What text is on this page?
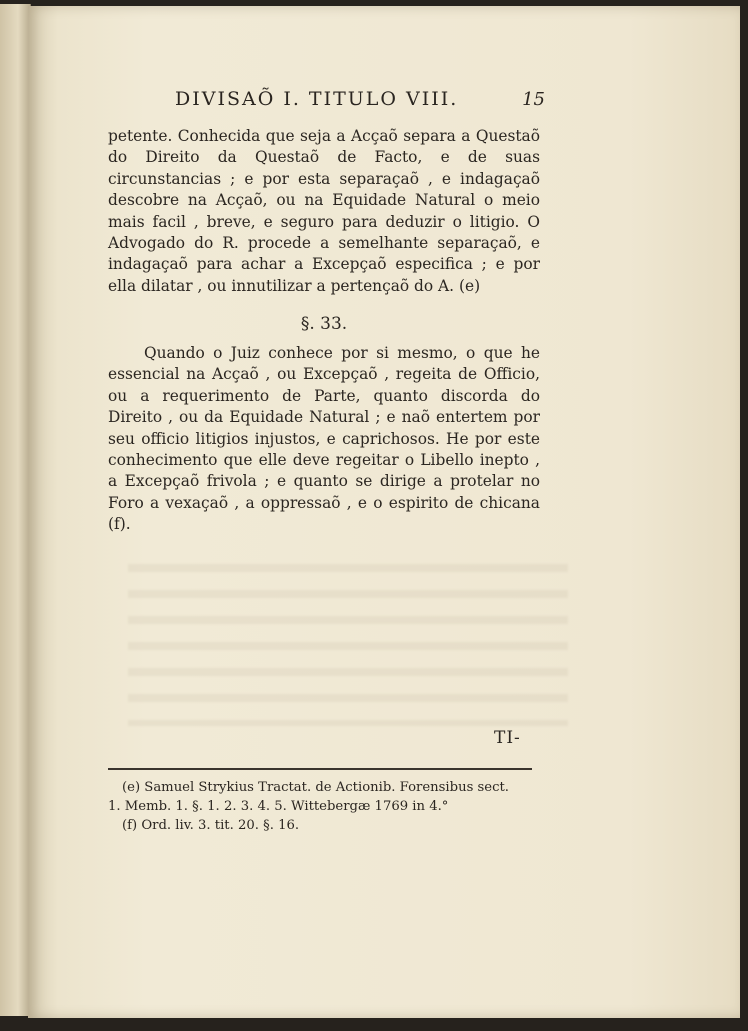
DIVISAÕ I. TITULO VIII.	15

petente. Conhecida que seja a Acçaõ separa a Questaõ do Direito da Questaõ de Facto, e de suas circunstancias ; e por esta separaçaõ , e indagaçaõ descobre na Acçaõ, ou na Equidade Natural o meio mais facil , breve, e seguro para deduzir o litigio. O Advogado do R. procede a semelhante separaçaõ, e indagaçaõ para achar a Excepçaõ especifica ; e por ella dilatar , ou innutilizar a pertençaõ do A. (e)

§. 33.

Quando o Juiz conhece por si mesmo, o que he essencial na Acçaõ , ou Excepçaõ , regeita de Officio, ou a requerimento de Parte, quanto discorda do Direito , ou da Equidade Natural ; e naõ entertem por seu officio litigios injustos, e caprichosos. He por este conhecimento que elle deve regeitar o Libello inepto , a Excepçaõ frivola ; e quanto se dirige a protelar no Foro a vexaçaõ , a oppressaõ , e o espirito de chicana (f).

TI-

(e) Samuel Strykius Tractat. de Actionib. Forensibus sect.

1. Memb. 1. §. 1. 2. 3. 4. 5. Wittebergæ 1769 in 4.°

(f) Ord. liv. 3. tit. 20. §. 16.
